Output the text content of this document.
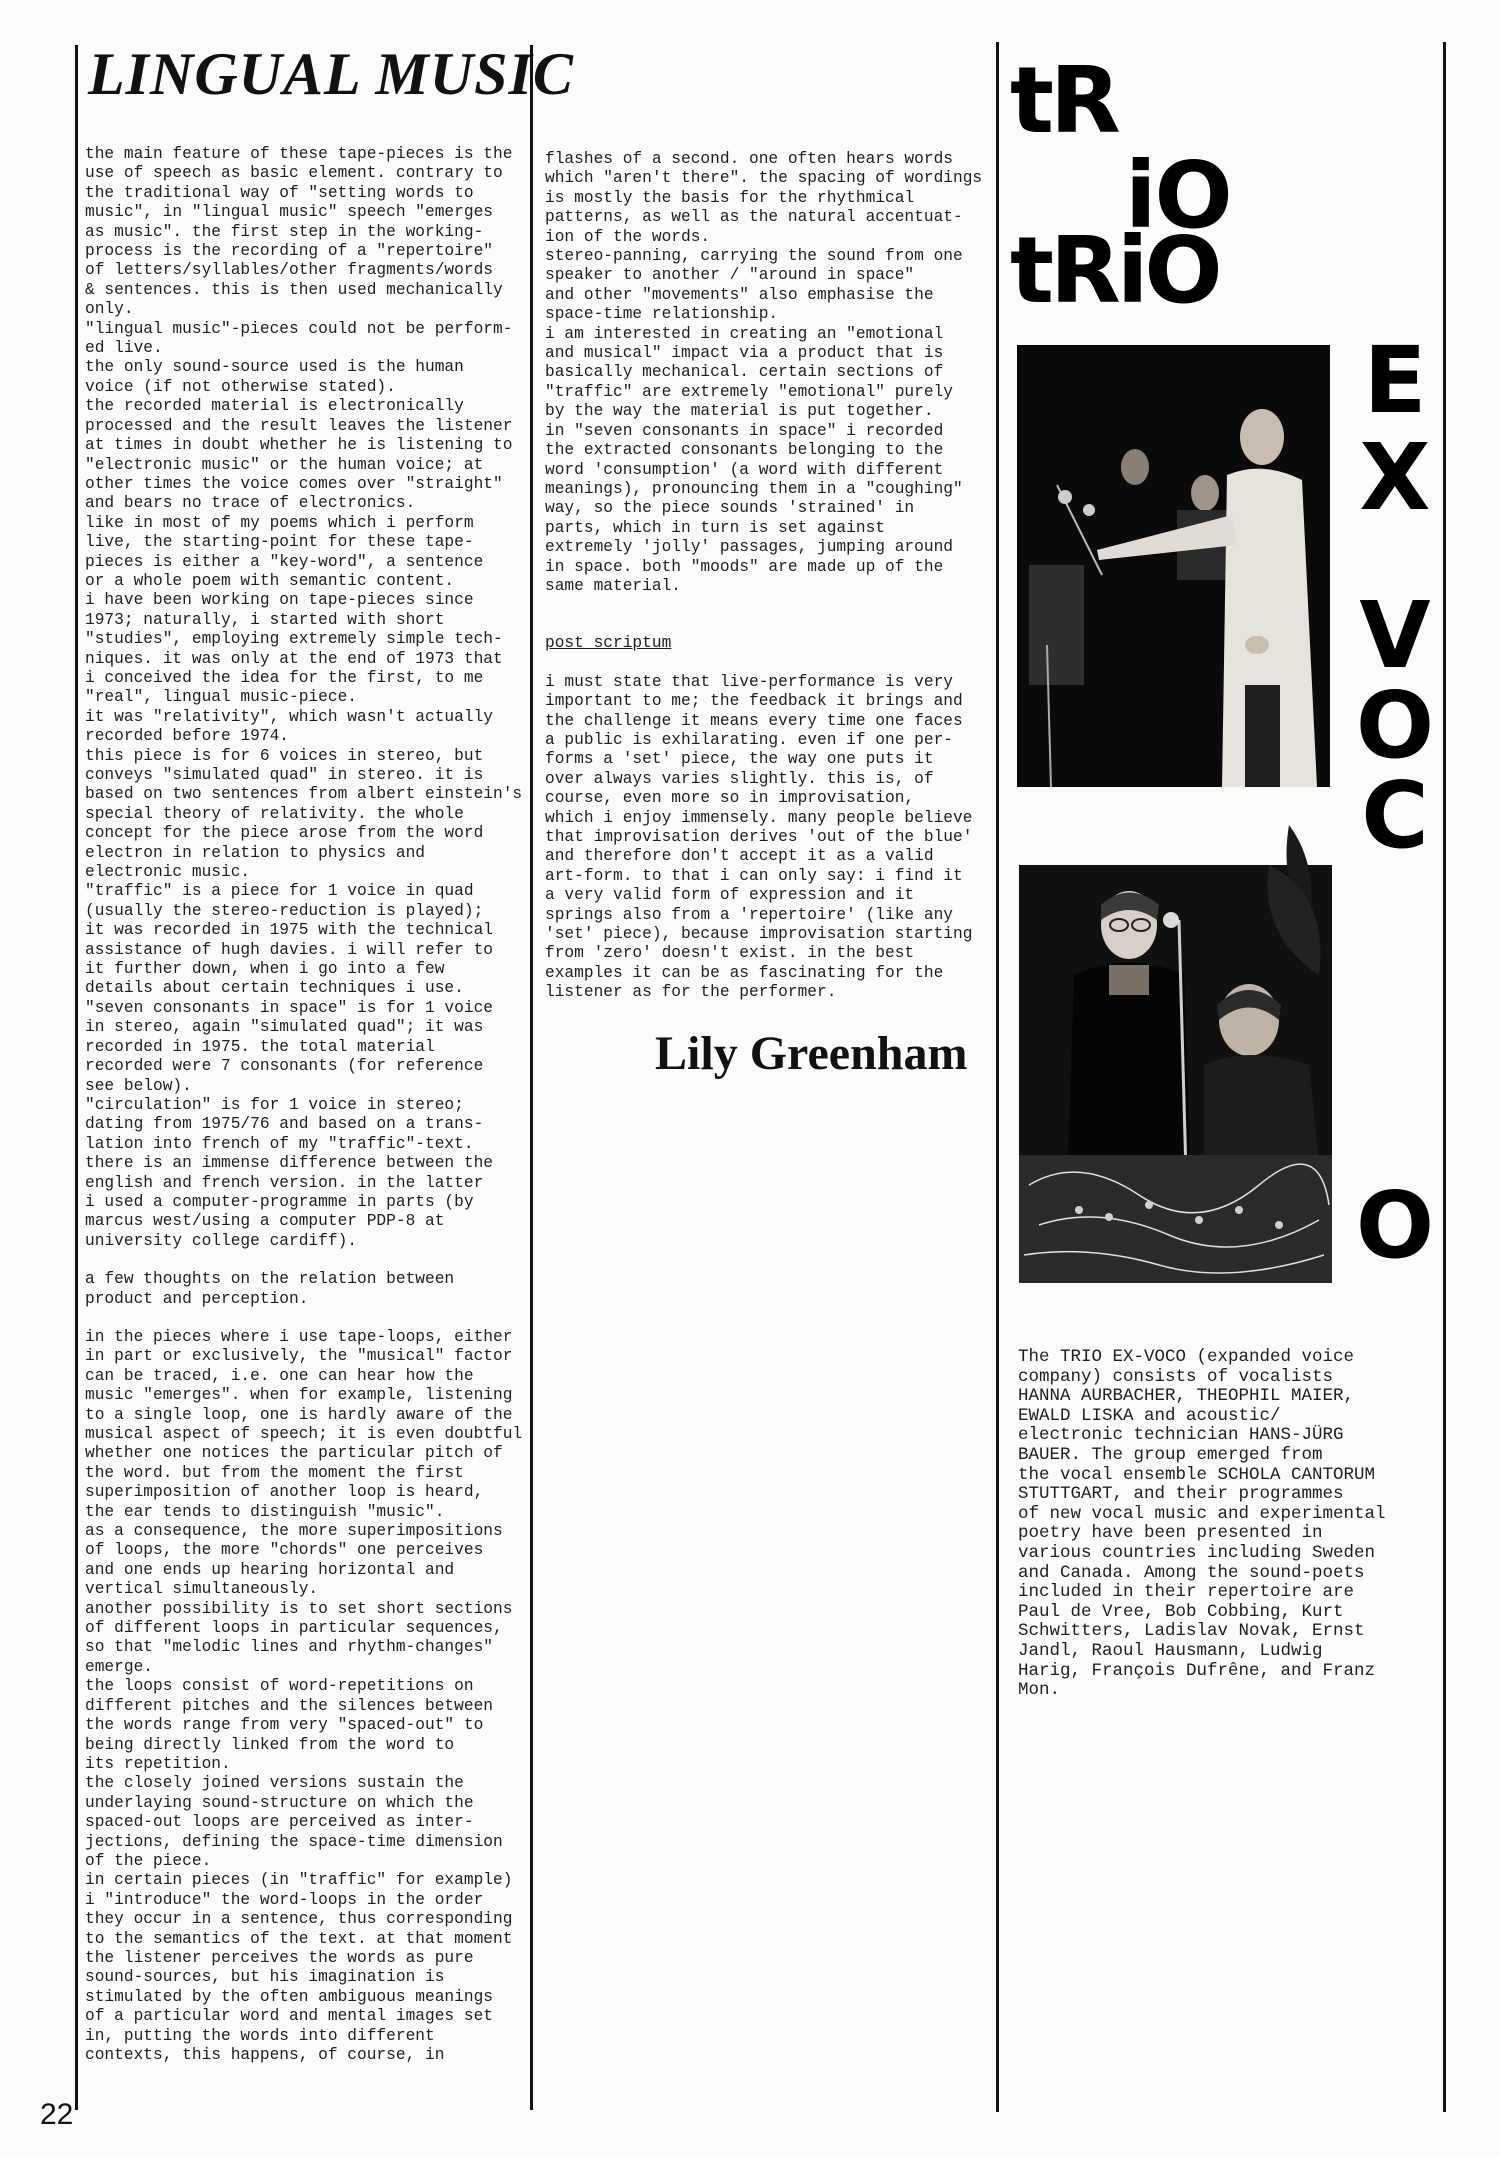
LINGUAL MUSIC

the main feature of these tape-pieces is the

use of speech as basic element. contrary to

the traditional way of "setting words to

music", in "lingual music" speech "emerges

as music". the first step in the working-

process is the recording of a "repertoire"

of letters/syllables/other fragments/words

& sentences. this is then used mechanically

only.

"lingual music"-pieces could not be perform-

ed live.

the only sound-source used is the human

voice (if not otherwise stated).

the recorded material is electronically

processed and the result leaves the listener

at times in doubt whether he is listening to

"electronic music" or the human voice; at

other times the voice comes over "straight"

and bears no trace of electronics.

like in most of my poems which i perform

live, the starting-point for these tape-

pieces is either a "key-word", a sentence

or a whole poem with semantic content.

i have been working on tape-pieces since

1973; naturally, i started with short

"studies", employing extremely simple tech-

niques. it was only at the end of 1973 that

i conceived the idea for the first, to me

"real", lingual music-piece.

it was "relativity", which wasn't actually

recorded before 1974.

this piece is for 6 voices in stereo, but

conveys "simulated quad" in stereo. it is

based on two sentences from albert einstein's

special theory of relativity. the whole

concept for the piece arose from the word

electron in relation to physics and

electronic music.

"traffic" is a piece for 1 voice in quad

(usually the stereo-reduction is played);

it was recorded in 1975 with the technical

assistance of hugh davies. i will refer to

it further down, when i go into a few

details about certain techniques i use.

"seven consonants in space" is for 1 voice

in stereo, again "simulated quad"; it was

recorded in 1975. the total material

recorded were 7 consonants (for reference

see below).

"circulation" is for 1 voice in stereo;

dating from 1975/76 and based on a trans-

lation into french of my "traffic"-text.

there is an immense difference between the

english and french version. in the latter

i used a computer-programme in parts (by

marcus west/using a computer PDP-8 at

university college cardiff).

a few thoughts on the relation between

product and perception.

in the pieces where i use tape-loops, either

in part or exclusively, the "musical" factor

can be traced, i.e. one can hear how the

music "emerges". when for example, listening

to a single loop, one is hardly aware of the

musical aspect of speech; it is even doubtful

whether one notices the particular pitch of

the word. but from the moment the first

superimposition of another loop is heard,

the ear tends to distinguish "music".

as a consequence, the more superimpositions

of loops, the more "chords" one perceives

and one ends up hearing horizontal and

vertical simultaneously.

another possibility is to set short sections

of different loops in particular sequences,

so that "melodic lines and rhythm-changes"

emerge.

the loops consist of word-repetitions on

different pitches and the silences between

the words range from very "spaced-out" to

being directly linked from the word to

its repetition.

the closely joined versions sustain the

underlaying sound-structure on which the

spaced-out loops are perceived as inter-

jections, defining the space-time dimension

of the piece.

in certain pieces (in "traffic" for example)

i "introduce" the word-loops in the order

they occur in a sentence, thus corresponding

to the semantics of the text. at that moment

the listener perceives the words as pure

sound-sources, but his imagination is

stimulated by the often ambiguous meanings

of a particular word and mental images set

in, putting the words into different

contexts, this happens, of course, in

flashes of a second. one often hears words

which "aren't there". the spacing of wordings

is mostly the basis for the rhythmical

patterns, as well as the natural accentuat-

ion of the words.

stereo-panning, carrying the sound from one

speaker to another / "around in space"

and other "movements" also emphasise the

space-time relationship.

i am interested in creating an "emotional

and musical" impact via a product that is

basically mechanical. certain sections of

"traffic" are extremely "emotional" purely

by the way the material is put together.

in "seven consonants in space" i recorded

the extracted consonants belonging to the

word 'consumption' (a word with different

meanings), pronouncing them in a "coughing"

way, so the piece sounds 'strained' in

parts, which in turn is set against

extremely 'jolly' passages, jumping around

in space. both "moods" are made up of the

same material.

post scriptum

i must state that live-performance is very

important to me; the feedback it brings and

the challenge it means every time one faces

a public is exhilarating. even if one per-

forms a 'set' piece, the way one puts it

over always varies slightly. this is, of

course, even more so in improvisation,

which i enjoy immensely. many people believe

that improvisation derives 'out of the blue'

and therefore don't accept it as a valid

art-form. to that i can only say: i find it

a very valid form of expression and it

springs also from a 'repertoire' (like any

'set' piece), because improvisation starting

from 'zero' doesn't exist. in the best

examples it can be as fascinating for the

listener as for the performer.

Lily Greenham
tR
iO
tRiO
E
X
V
O
C
O

The TRIO EX-VOCO (expanded voice

company) consists of vocalists

HANNA AURBACHER, THEOPHIL MAIER,

EWALD LISKA and acoustic/

electronic technician HANS-JÜRG

BAUER. The group emerged from

the vocal ensemble SCHOLA CANTORUM

STUTTGART, and their programmes

of new vocal music and experimental

poetry have been presented in

various countries including Sweden

and Canada. Among the sound-poets

included in their repertoire are

Paul de Vree, Bob Cobbing, Kurt

Schwitters, Ladislav Novak, Ernst

Jandl, Raoul Hausmann, Ludwig

Harig, François Dufrêne, and Franz

Mon.

22
